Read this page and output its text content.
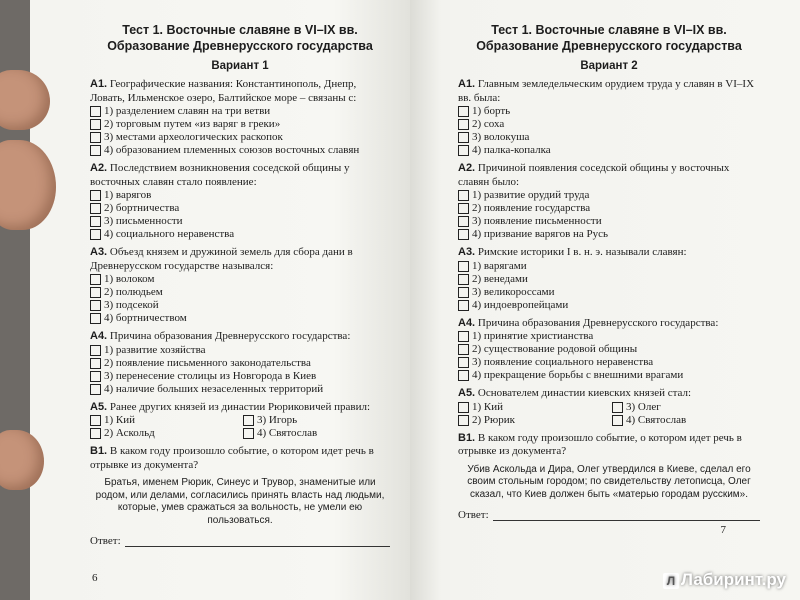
Тест 1. Восточные славяне в VI–IX вв. Образование Древнерусского государства
Вариант 1
А1. Географические названия: Константинополь, Днепр, Ловать, Ильменское озеро, Балтийское море – связаны с:
1) разделением славян на три ветви
2) торговым путем «из варяг в греки»
3) местами археологических раскопок
4) образованием племенных союзов восточных славян
А2. Последствием возникновения соседской общины у восточных славян стало появление:
1) варягов
2) бортничества
3) письменности
4) социального неравенства
А3. Объезд князем и дружиной земель для сбора дани в Древнерусском государстве назывался:
1) волоком
2) полюдьем
3) подсекой
4) бортничеством
А4. Причина образования Древнерусского государства:
1) развитие хозяйства
2) появление письменного законодательства
3) перенесение столицы из Новгорода в Киев
4) наличие больших незаселенных территорий
А5. Ранее других князей из династии Рюриковичей правил:
1) Кий	3) Игорь
2) Аскольд	4) Святослав
В1. В каком году произошло событие, о котором идет речь в отрывке из документа?
Братья, именем Рюрик, Синеус и Трувор, знаменитые или родом, или делами, согласились принять власть над людьми, которые, умев сражаться за вольность, не умели ею пользоваться.
Ответ:
6
Тест 1. Восточные славяне в VI–IX вв. Образование Древнерусского государства
Вариант 2
А1. Главным земледельческим орудием труда у славян в VI–IX вв. была:
1) борть
2) соха
3) волокуша
4) палка-копалка
А2. Причиной появления соседской общины у восточных славян было:
1) развитие орудий труда
2) появление государства
3) появление письменности
4) призвание варягов на Русь
А3. Римские историки I в. н. э. называли славян:
1) варягами
2) венедами
3) великороссами
4) индоевропейцами
А4. Причина образования Древнерусского государства:
1) принятие христианства
2) существование родовой общины
3) появление социального неравенства
4) прекращение борьбы с внешними врагами
А5. Основателем династии киевских князей стал:
1) Кий	3) Олег
2) Рюрик	4) Святослав
В1. В каком году произошло событие, о котором идет речь в отрывке из документа?
Убив Аскольда и Дира, Олег утвердился в Киеве, сделал его своим стольным городом; по свидетельству летописца, Олег сказал, что Киев должен быть «матерью городам русским».
Ответ:
7
Л Лабиринт.ру
